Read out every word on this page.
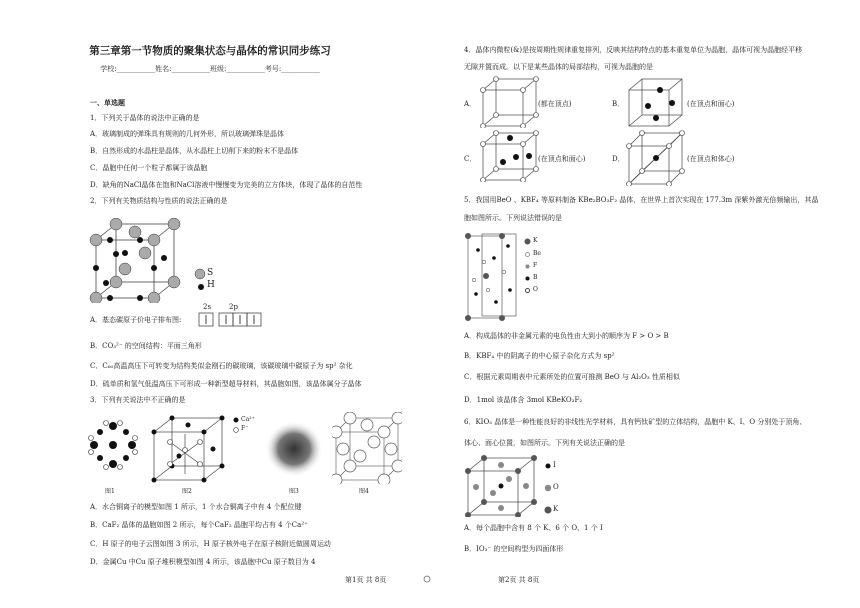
第三章第一节物质的聚集状态与晶体的常识同步练习
学校:___________姓名:___________班级:___________考号:___________
一、单选题
1．下列关于晶体的说法中正确的是
A．玻璃制成的弹珠具有规则的几何外形，所以玻璃弹珠是晶体
B．自然形成的水晶柱是晶体，从水晶柱上切削下来的粉末不是晶体
C．晶胞中任何一个粒子都属于该晶胞
D．缺角的NaCl晶体在饱和NaCl溶液中慢慢变为完美的立方体块，体现了晶体的自范性
2．下列有关物质结构与性质的说法正确的是
S
H
2s	2p
A．基态碳原子价电子排布图:
B．CO₃²⁻ 的空间结构：平面三角形
C．C₆₀高温高压下可转变为结构类似金刚石的碳玻璃，该碳玻璃中碳原子为 sp² 杂化
D．硫单质和氢气低温高压下可形成一种新型超导材料，其晶胞如图，该晶体属分子晶体
3．下列有关说法中不正确的是
图1
Ca²⁺
F⁻
图2	图3	图4
A．水合铜离子的模型如图 1 所示，1 个水合铜离子中有 4 个配位键
B．CaF₂ 晶体的晶胞如图 2 所示，每个CaF₂ 晶胞平均占有 4 个Ca²⁺
C．H 原子的电子云图如图 3 所示，H 原子核外电子在原子核附近做圆周运动
D．金属Cu 中Cu 原子堆积模型如图 4 所示，该晶胞中Cu 原子数目为 4
第1页 共 8页
4．晶体内微粒(&)是按周期性规律重复排列，反映其结构特点的基本重复单位为晶胞，晶体可视为晶胞经平移
无隙并置而成。以下是某些晶体的局部结构，可视为晶胞的是
A．	(都在顶点)	B．	(在顶点和面心)
C．	(在顶点和面心)	D．	(在顶点和体心)
5．我国用BeO 、KBF₄ 等原料制备 KBe₂BO₃F₂ 晶体，在世界上首次实现在 177.3m 深紫外激光倍频输出，其晶
胞如图所示。下列说法错误的是
K
Be
F
B
O
A．构成晶体的非金属元素的电负性由大到小的顺序为 F > O > B
B．KBF₄ 中的阴离子的中心原子杂化方式为 sp²
C．根据元素周期表中元素所处的位置可推测 BeO 与 Al₂O₃ 性质相似
D．1mol 该晶体含 3mol KBeKO₃F₂
6．KIO₃ 晶体是一种性能良好的非线性光学材料，具有钙钛矿型的立体结构，晶胞中 K、I、O 分别处于顶角、
体心、面心位置，如图所示。下列有关说法正确的是
I
O
K
A．每个晶胞中含有 8 个 K、6 个 O、1 个 I
B．IO₃⁻ 的空间构型为四面体形
第2页 共 8页
